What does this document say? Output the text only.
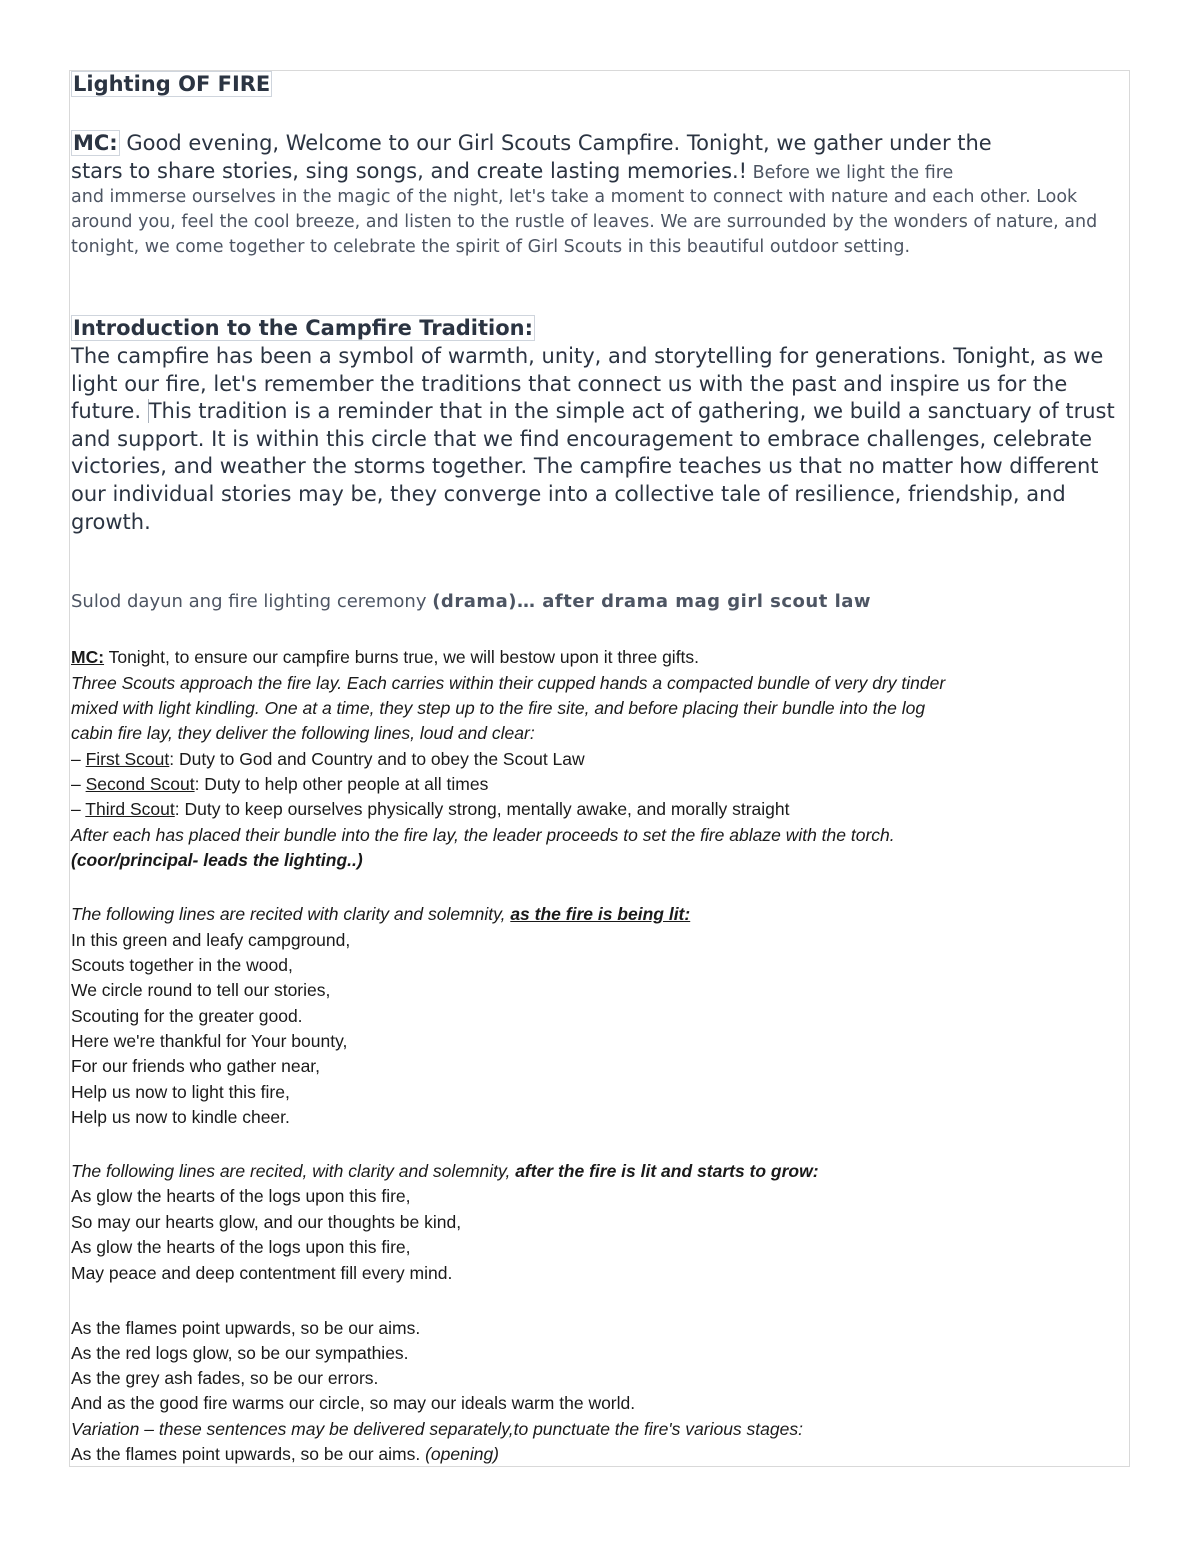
Lighting OF FIRE
MC: Good evening, Welcome to our Girl Scouts Campfire. Tonight, we gather under the
stars to share stories, sing songs, and create lasting memories.! Before we light the fire
and immerse ourselves in the magic of the night, let's take a moment to connect with nature and each other. Look around you, feel the cool breeze, and listen to the rustle of leaves. We are surrounded by the wonders of nature, and tonight, we come together to celebrate the spirit of Girl Scouts in this beautiful outdoor setting.
Introduction to the Campfire Tradition:
The campfire has been a symbol of warmth, unity, and storytelling for generations. Tonight, as we light our fire, let's remember the traditions that connect us with the past and inspire us for the future. This tradition is a reminder that in the simple act of gathering, we build a sanctuary of trust and support. It is within this circle that we find encouragement to embrace challenges, celebrate victories, and weather the storms together. The campfire teaches us that no matter how different our individual stories may be, they converge into a collective tale of resilience, friendship, and growth.
Sulod dayun ang fire lighting ceremony (drama)… after drama mag girl scout law
MC: Tonight, to ensure our campfire burns true, we will bestow upon it three gifts.
Three Scouts approach the fire lay. Each carries within their cupped hands a compacted bundle of very dry tinder
mixed with light kindling. One at a time, they step up to the fire site, and before placing their bundle into the log
cabin fire lay, they deliver the following lines, loud and clear:
– First Scout: Duty to God and Country and to obey the Scout Law
– Second Scout: Duty to help other people at all times
– Third Scout: Duty to keep ourselves physically strong, mentally awake, and morally straight
After each has placed their bundle into the fire lay, the leader proceeds to set the fire ablaze with the torch.
(coor/principal- leads the lighting..)
The following lines are recited with clarity and solemnity, as the fire is being lit:
In this green and leafy campground,
Scouts together in the wood,
We circle round to tell our stories,
Scouting for the greater good.
Here we're thankful for Your bounty,
For our friends who gather near,
Help us now to light this fire,
Help us now to kindle cheer.
The following lines are recited, with clarity and solemnity, after the fire is lit and starts to grow:
As glow the hearts of the logs upon this fire,
So may our hearts glow, and our thoughts be kind,
As glow the hearts of the logs upon this fire,
May peace and deep contentment fill every mind.
As the flames point upwards, so be our aims.
As the red logs glow, so be our sympathies.
As the grey ash fades, so be our errors.
And as the good fire warms our circle, so may our ideals warm the world.
Variation – these sentences may be delivered separately,to punctuate the fire's various stages:
As the flames point upwards, so be our aims. (opening)
